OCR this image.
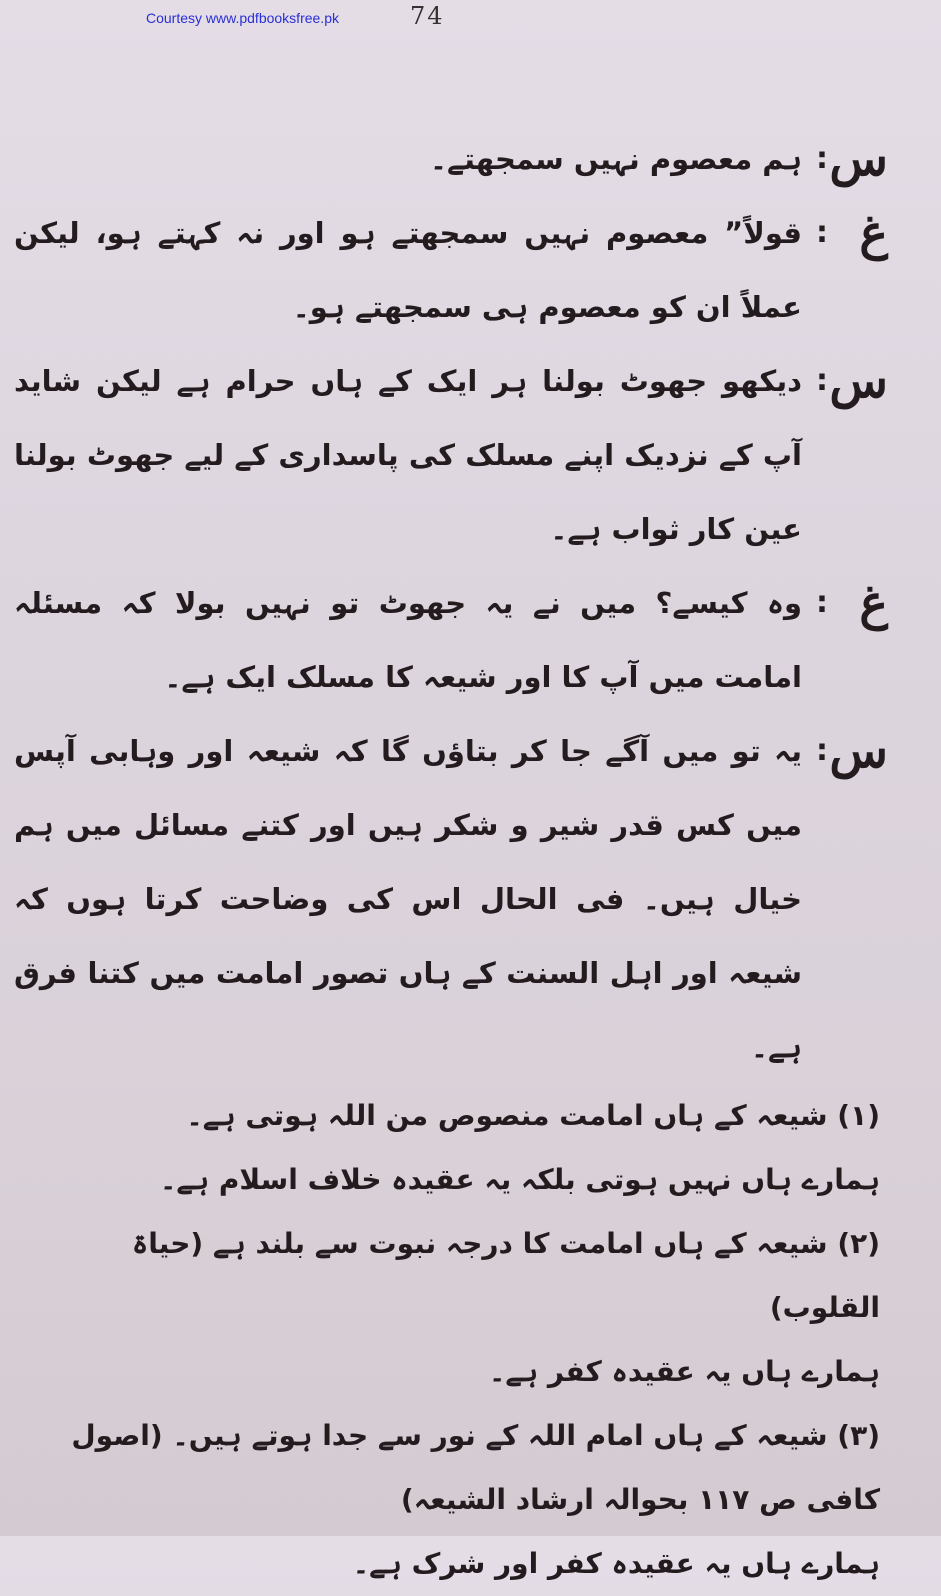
Courtesy www.pdfbooksfree.pk	74
س
:
ہم معصوم نہیں سمجھتے۔
غ
:
قولاً” معصوم نہیں سمجھتے ہو اور نہ کہتے ہو، لیکن عملاً ان کو معصوم ہی سمجھتے ہو۔
س
:
دیکھو جھوٹ بولنا ہر ایک کے ہاں حرام ہے لیکن شاید آپ کے نزدیک اپنے مسلک کی پاسداری کے لیے جھوٹ بولنا عین کار ثواب ہے۔
غ
:
وہ کیسے؟ میں نے یہ جھوٹ تو نہیں بولا کہ مسئلہ امامت میں آپ کا اور شیعہ کا مسلک ایک ہے۔
س
:
یہ تو میں آگے جا کر بتاؤں گا کہ شیعہ اور وہابی آپس میں کس قدر شیر و شکر ہیں اور کتنے مسائل میں ہم خیال ہیں۔ فی الحال اس کی وضاحت کرتا ہوں کہ شیعہ اور اہل السنت کے ہاں تصور امامت میں کتنا فرق ہے۔
(۱) شیعہ کے ہاں امامت منصوص من اللہ ہوتی ہے۔
ہمارے ہاں نہیں ہوتی بلکہ یہ عقیدہ خلاف اسلام ہے۔
(۲) شیعہ کے ہاں امامت کا درجہ نبوت سے بلند ہے (حیاۃ القلوب)
ہمارے ہاں یہ عقیدہ کفر ہے۔
(۳) شیعہ کے ہاں امام اللہ کے نور سے جدا ہوتے ہیں۔ (اصول کافی ص ۱۱۷ بحوالہ ارشاد الشیعہ)
ہمارے ہاں یہ عقیدہ کفر اور شرک ہے۔
